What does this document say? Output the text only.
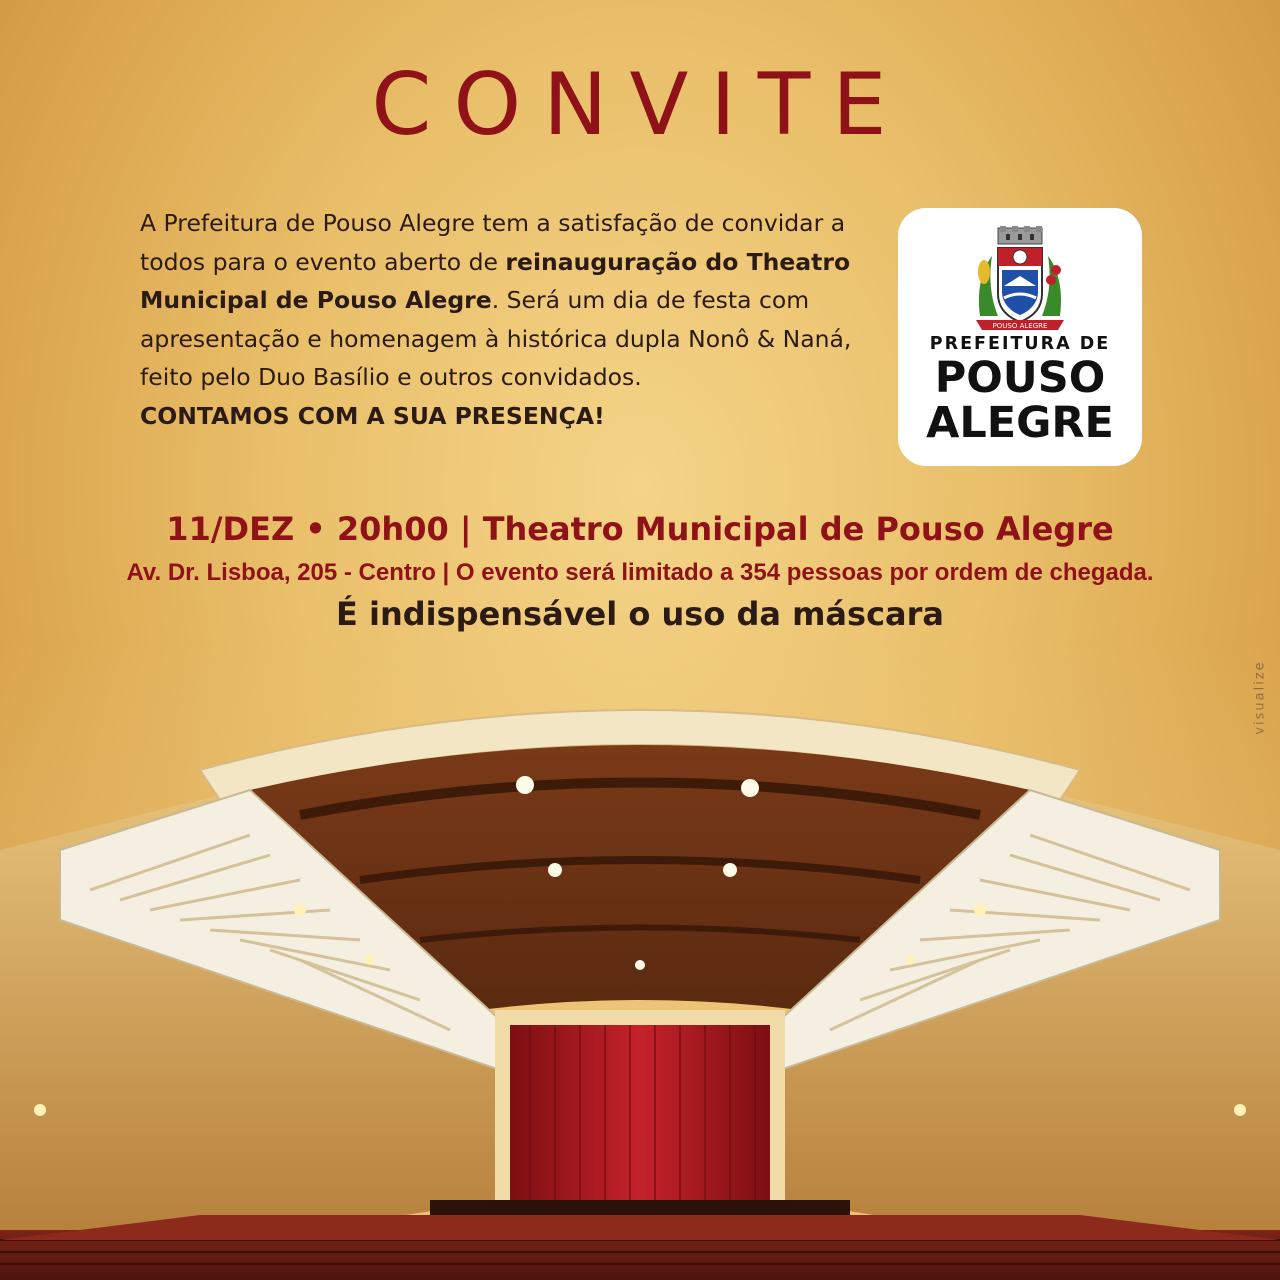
CONVITE
A Prefeitura de Pouso Alegre tem a satisfação de convidar a todos para o evento aberto de reinauguração do Theatro Municipal de Pouso Alegre. Será um dia de festa com apresentação e homenagem à histórica dupla Nonô & Naná, feito pelo Duo Basílio e outros convidados.
CONTAMOS COM A SUA PRESENÇA!
POUSO ALEGRE
PREFEITURA DE
POUSO
ALEGRE
11/DEZ • 20h00 | Theatro Municipal de Pouso Alegre
Av. Dr. Lisboa, 205 - Centro | O evento será limitado a 354 pessoas por ordem de chegada.
É indispensável o uso da máscara
